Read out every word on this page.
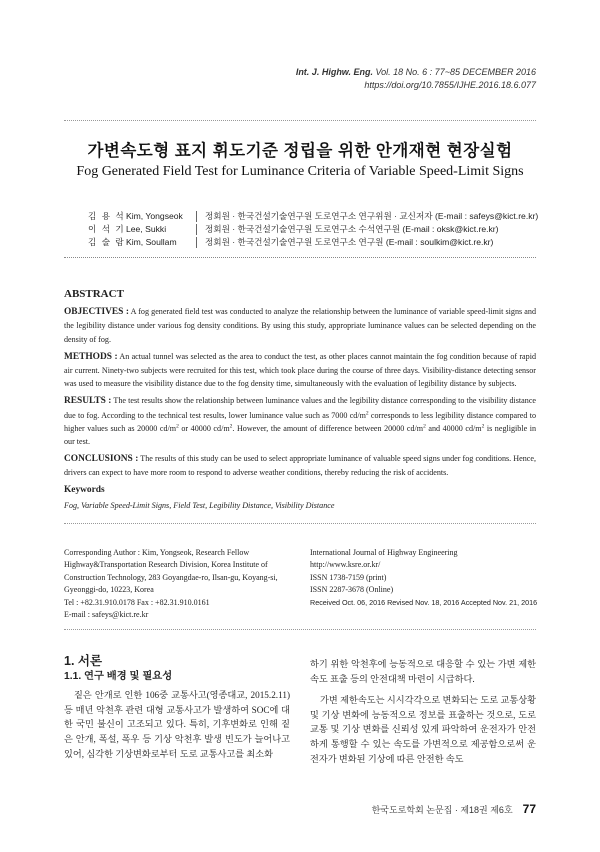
Int. J. Highw. Eng. Vol. 18 No. 6 : 77~85 DECEMBER 2016
https://doi.org/10.7855/IJHE.2016.18.6.077
가변속도형 표지 휘도기준 정립을 위한 안개재현 현장실험
Fog Generated Field Test for Luminance Criteria of Variable Speed-Limit Signs
김 용 석 Kim, Yongseok	정회원 · 한국건설기술연구원 도로연구소 연구위원 · 교신저자 (E-mail : safeys@kict.re.kr)
이 석 기 Lee, Sukki	정회원 · 한국건설기술연구원 도로연구소 수석연구원 (E-mail : oksk@kict.re.kr)
김 술 람 Kim, Soullam	정회원 · 한국건설기술연구원 도로연구소 연구원 (E-mail : soulkim@kict.re.kr)
ABSTRACT

OBJECTIVES : A fog generated field test was conducted to analyze the relationship between the luminance of variable speed-limit signs and the legibility distance under various fog density conditions. By using this study, appropriate luminance values can be selected depending on the density of fog.

METHODS : An actual tunnel was selected as the area to conduct the test, as other places cannot maintain the fog condition because of rapid air current. Ninety-two subjects were recruited for this test, which took place during the course of three days. Visibility-distance detecting sensor was used to measure the visibility distance due to the fog density time, simultaneously with the evaluation of legibility distance by subjects.

RESULTS : The test results show the relationship between luminance values and the legibility distance corresponding to the visibility distance due to fog. According to the technical test results, lower luminance value such as 7000 $cd/m^2$ corresponds to less legibility distance compared to higher values such as 20000 $cd/m^2$ or 40000 $cd/m^2$. However, the amount of difference between 20000 $cd/m^2$ and 40000 $cd/m^2$ is negligible in our test.

CONCLUSIONS : The results of this study can be used to select appropriate luminance of valuable speed signs under fog conditions. Hence, drivers can expect to have more room to respond to adverse weather conditions, thereby reducing the risk of accidents.

Keywords
Fog, Variable Speed-Limit Signs, Field Test, Legibility Distance, Visibility Distance
Corresponding Author : Kim, Yongseok, Research Fellow
Highway&Transportation Research Division, Korea Institute of
Construction Technology, 283 Goyangdae-ro, Ilsan-gu, Koyang-si,
Gyeonggi-do, 10223, Korea
Tel : +82.31.910.0178 Fax : +82.31.910.0161
E-mail : safeys@kict.re.kr
International Journal of Highway Engineering
http://www.ksre.or.kr/
ISSN 1738-7159 (print)
ISSN 2287-3678 (Online)
Received Oct. 06, 2016 Revised Nov. 18, 2016 Accepted Nov. 21, 2016
1. 서론
1.1. 연구 배경 및 필요성

짙은 안개로 인한 106중 교통사고(영종대교, 2015.2.11) 등 매년 악천후 관련 대형 교통사고가 발생하여 SOC에 대한 국민 불신이 고조되고 있다. 특히, 기후변화로 인해 짙은 안개, 폭설, 폭우 등 기상 악천후 발생 빈도가 늘어나고 있어, 심각한 기상변화로부터 도로 교통사고를 최소화

하기 위한 악천후에 능동적으로 대응할 수 있는 가변 제한속도 표출 등의 안전대책 마련이 시급하다.

가변 제한속도는 시시각각으로 변화되는 도로 교통상황 및 기상 변화에 능동적으로 정보를 표출하는 것으로, 도로 교통 및 기상 변화를 신뢰성 있게 파악하여 운전자가 안전하게 통행할 수 있는 속도를 가변적으로 제공함으로써 운전자가 변화된 기상에 따른 안전한 속도

한국도로학회 논문집 · 제18권 제6호 77
